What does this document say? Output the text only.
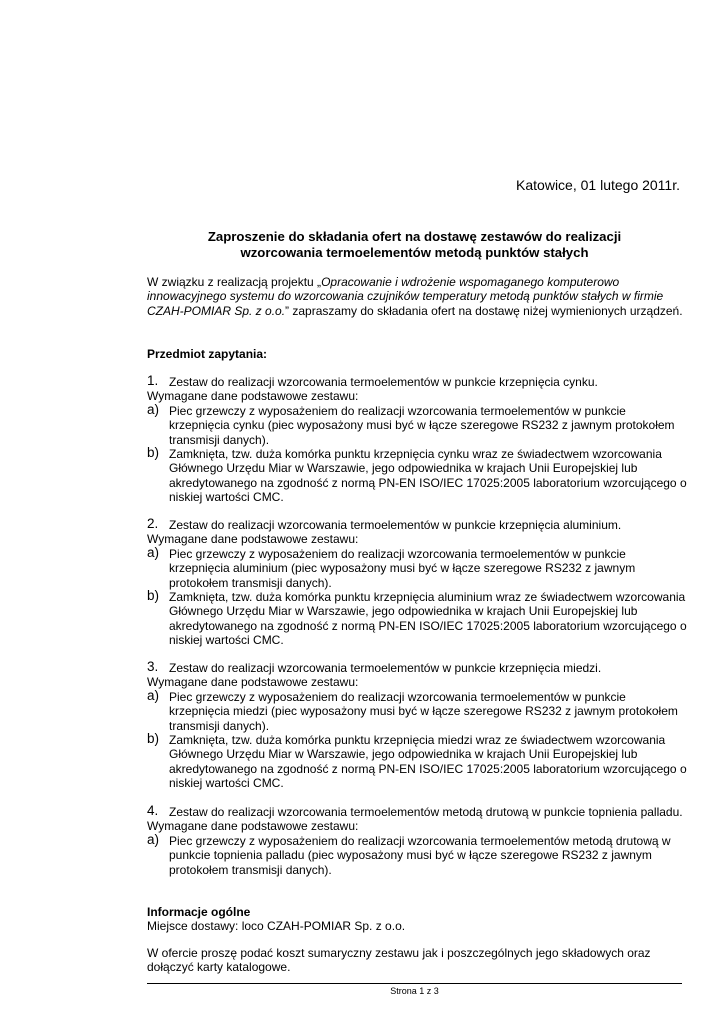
Katowice, 01 lutego 2011r.
Zaproszenie do składania ofert na dostawę zestawów do realizacji
wzorcowania termoelementów metodą punktów stałych
W związku z realizacją projektu „Opracowanie i wdrożenie wspomaganego komputerowo innowacyjnego systemu do wzorcowania czujników temperatury metodą punktów stałych w firmie CZAH-POMIAR Sp. z o.o.” zapraszamy do składania ofert na dostawę niżej wymienionych urządzeń.
Przedmiot zapytania:
1. Zestaw do realizacji wzorcowania termoelementów w punkcie krzepnięcia cynku.
Wymagane dane podstawowe zestawu:
a) Piec grzewczy z wyposażeniem do realizacji wzorcowania termoelementów w punkcie krzepnięcia cynku (piec wyposażony musi być w łącze szeregowe RS232 z jawnym protokołem transmisji danych).
b) Zamknięta, tzw. duża komórka punktu krzepnięcia cynku wraz ze świadectwem wzorcowania Głównego Urzędu Miar w Warszawie, jego odpowiednika w krajach Unii Europejskiej lub akredytowanego na zgodność z normą PN-EN ISO/IEC 17025:2005 laboratorium wzorcującego o niskiej wartości CMC.
2. Zestaw do realizacji wzorcowania termoelementów w punkcie krzepnięcia aluminium.
Wymagane dane podstawowe zestawu:
a) Piec grzewczy z wyposażeniem do realizacji wzorcowania termoelementów w punkcie krzepnięcia aluminium (piec wyposażony musi być w łącze szeregowe RS232 z jawnym protokołem transmisji danych).
b) Zamknięta, tzw. duża komórka punktu krzepnięcia aluminium wraz ze świadectwem wzorcowania Głównego Urzędu Miar w Warszawie, jego odpowiednika w krajach Unii Europejskiej lub akredytowanego na zgodność z normą PN-EN ISO/IEC 17025:2005 laboratorium wzorcującego o niskiej wartości CMC.
3. Zestaw do realizacji wzorcowania termoelementów w punkcie krzepnięcia miedzi.
Wymagane dane podstawowe zestawu:
a) Piec grzewczy z wyposażeniem do realizacji wzorcowania termoelementów w punkcie krzepnięcia miedzi (piec wyposażony musi być w łącze szeregowe RS232 z jawnym protokołem transmisji danych).
b) Zamknięta, tzw. duża komórka punktu krzepnięcia miedzi wraz ze świadectwem wzorcowania Głównego Urzędu Miar w Warszawie, jego odpowiednika w krajach Unii Europejskiej lub akredytowanego na zgodność z normą PN-EN ISO/IEC 17025:2005 laboratorium wzorcującego o niskiej wartości CMC.
4. Zestaw do realizacji wzorcowania termoelementów metodą drutową w punkcie topnienia palladu.
Wymagane dane podstawowe zestawu:
a) Piec grzewczy z wyposażeniem do realizacji wzorcowania termoelementów metodą drutową w punkcie topnienia palladu (piec wyposażony musi być w łącze szeregowe RS232 z jawnym protokołem transmisji danych).
Informacje ogólne
Miejsce dostawy: loco CZAH-POMIAR Sp. z o.o.
W ofercie proszę podać koszt sumaryczny zestawu jak i poszczególnych jego składowych oraz dołączyć karty katalogowe.
Strona 1 z 3
